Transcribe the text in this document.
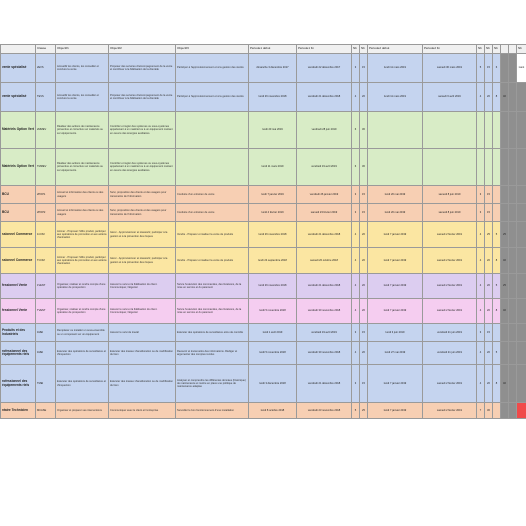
	Classe	Objectif1	Objectif2	Objectif3	Période1 début	Période1 fin	Nb	Nb	Période2 début	Période2 fin	Nb	Nb	Nb			Nb
vente spécialisé	2EVS	Accueillir les clients, les conseiller et conclure la vente	Proposer des services d'accompagnement de la vente et contribuer à la fidélisation de la clientèle	Participer à l'approvisionnement et à la gestion des stocks	dimanche 3 décembre 2017	vendredi 22 décembre 2017	3	15	lundi 11 mars 2019	samedi 30 mars 2019	5	15	6			ivant
vente spécialisé	TEVS	Accueillir les clients, les conseiller et conclure la vente	Proposer des services d'accompagnement de la vente et contribuer à la fidélisation de la clientèle	Participer à l'approvisionnement et à la gestion des stocks	lundi 26 novembre 2018	vendredi 21 décembre 2018	4	20	lundi 11 mars 2019	samedi 6 avril 2019	4	20	8	40		
Matériels Option Vert	2MMEV	Réaliser des actions de maintenance préventive et corrective sur matériels ou sur équipements.	Contrôler et régler des systèmes ou sous-systèmes appartenant à un matériel ou à un équipement mettant en oeuvre des énergies auxiliaires.		lundi 20 mai 2019	vendredi 28 juin 2019	6	30								
Matériels Option Vert	TMMEV	Réaliser des actions de maintenance préventive et corrective sur matériels ou sur équipements.	Contrôler et régler des systèmes ou sous-systèmes appartenant à un matériel ou à un équipement mettant en oeuvre des énergies auxiliaires.		lundi 11 mars 2019	vendredi 19 avril 2019	6	30								
BCU	2POP1	Accueil et information des clients ou des usagers	Suivi, proposition des clients et des usagers pour transmettre de l'information	Conduite d'un entretien de vente	lundi 7 janvier 2019	vendredi 26 janvier 2019	3	15	lundi 20 mai 2019	samedi 8 juin 2019	3	15				
BCU	2POP2	Accueil et information des clients ou des usagers	Suivi, proposition des clients et des usagers pour transmettre de l'information	Conduite d'un entretien de vente	lundi 4 février 2019	samedi 23 février 2019	3	15	lundi 20 mai 2019	samedi 8 juin 2019	3	15				
ssionnel Commerce	1COM	Animer - Proposer l'offre produit, participer aux opérations de promotion et aux actions d'animation	Gérer - Approvisionner et réassortir, participer à la gestion et à la prévention des risques	Vendre - Préparer et réaliser la vente de produits	lundi 26 novembre 2018	vendredi 21 décembre 2018	4	20	lundi 7 janvier 2019	samedi 2 février 2019	4	25	5	25		
ssionnel Commerce	TCOM	Animer - Proposer l'offre produit, participer aux opérations de promotion et aux actions d'animation	Gérer - Approvisionner et réassortir, participer à la gestion et à la prévention des risques	Vendre - Préparer et réaliser la vente de produits	lundi 24 septembre 2018	samedi 20 octobre 2018	4	20	lundi 7 janvier 2019	samedi 2 février 2019	4	20	8	40		
fessionnel Vente	1VENT	Organiser, réaliser et rendre compte d'une opération de prospection	Assurer le suivi et la fidélisation du client. Communiquer, Négocier	Suivre l'exécution des commandes, des livraisons, de la mise en service et du paiement	lundi 26 novembre 2018	vendredi 21 décembre 2018	4	20	lundi 7 janvier 2019	samedi 2 février 2019	4	20	5	25		
fessionnel Vente	TVENT	Organiser, réaliser et rendre compte d'une opération de prospection	Assurer le suivi et la fidélisation du client. Communiquer, Négocier	Suivre l'exécution des commandes, des livraisons, de la mise en service et du paiement	lundi 5 novembre 2018	vendredi 30 novembre 2018	4	20	lundi 7 janvier 2019	samedi 2 février 2019	4	20	8	40		
Produits et des Industriels	1MEI	Remplacer ou installer un sous-ensemble ou un composant sur un équipement	Assurer le suivi de travail	Exécuter des opérations de surveillance et/ou de contrôle	lundi 1 avril 2019	vendredi 19 avril 2019	3	15	lundi 3 juin 2019	vendredi 21 juin 2019	3	15				
rofessionnel des équipements riels	1MEI	Exécuter des opérations de surveillance et d'inspection	Exécuter des travaux d'amélioration ou de modification du bien	Recevoir et transmettre des informations. Rédiger et argumenter des comptes rendus	lundi 5 novembre 2018	vendredi 30 novembre 2018	4	20	lundi 27 mai 2019	vendredi 21 juin 2019	4	20	5			
rofessionnel des équipements riels	TMEI	Exécuter des opérations de surveillance et d'inspection	Exécuter des travaux d'amélioration ou de modification du bien	Analyser et comprendre les différentes données (historique) de maintenance et mettre en place une politique de maintenance adaptée	lundi 3 décembre 2018	vendredi 21 décembre 2018	3	15	lundi 7 janvier 2019	samedi 2 février 2019	4	20	8	40		
ntaire Technicien	MCASE	Organiser et préparer ses interventions	Communiquer avec le client et l'entreprise	Surveiller le bon fonctionnement d'une installation	lundi 8 octobre 2018	vendredi 23 novembre 2018	5	25	lundi 7 janvier 2019	samedi 2 février 2019	7	30				
